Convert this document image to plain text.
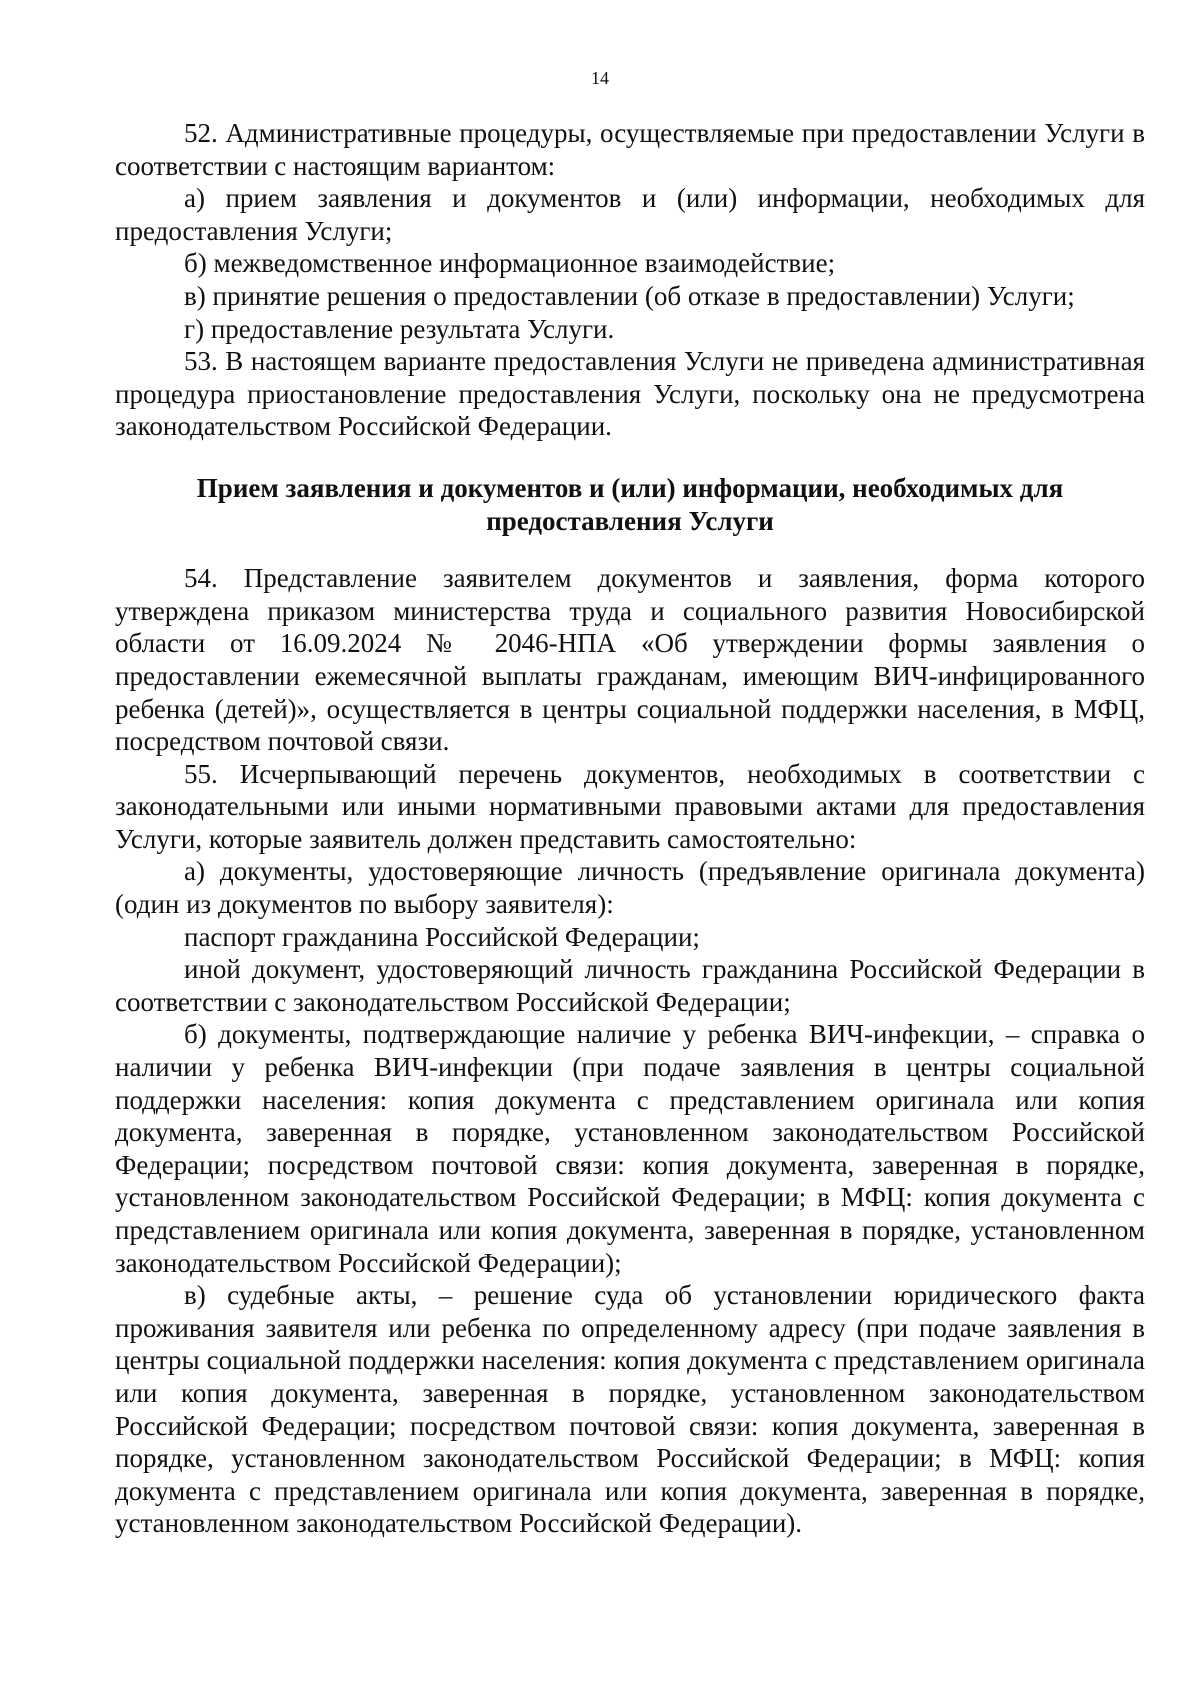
14

52. Административные процедуры, осуществляемые при предоставлении Услуги в соответствии с настоящим вариантом:

а) прием заявления и документов и (или) информации, необходимых для предоставления Услуги;

б) межведомственное информационное взаимодействие;

в) принятие решения о предоставлении (об отказе в предоставлении) Услуги;

г) предоставление результата Услуги.

53. В настоящем варианте предоставления Услуги не приведена административная процедура приостановление предоставления Услуги, поскольку она не предусмотрена законодательством Российской Федерации.

Прием заявления и документов и (или) информации, необходимых для
предоставления Услуги

54. Представление заявителем документов и заявления, форма которого утверждена приказом министерства труда и социального развития Новосибирской области от 16.09.2024 № 2046-НПА «Об утверждении формы заявления о предоставлении ежемесячной выплаты гражданам, имеющим ВИЧ-инфицированного ребенка (детей)», осуществляется в центры социальной поддержки населения, в МФЦ, посредством почтовой связи.

55. Исчерпывающий перечень документов, необходимых в соответствии с законодательными или иными нормативными правовыми актами для предоставления Услуги, которые заявитель должен представить самостоятельно:

а) документы, удостоверяющие личность (предъявление оригинала документа) (один из документов по выбору заявителя):

паспорт гражданина Российской Федерации;

иной документ, удостоверяющий личность гражданина Российской Федерации в соответствии с законодательством Российской Федерации;

б) документы, подтверждающие наличие у ребенка ВИЧ-инфекции, – справка о наличии у ребенка ВИЧ-инфекции (при подаче заявления в центры социальной поддержки населения: копия документа с представлением оригинала или копия документа, заверенная в порядке, установленном законодательством Российской Федерации; посредством почтовой связи: копия документа, заверенная в порядке, установленном законодательством Российской Федерации; в МФЦ: копия документа с представлением оригинала или копия документа, заверенная в порядке, установленном законодательством Российской Федерации);

в) судебные акты, – решение суда об установлении юридического факта проживания заявителя или ребенка по определенному адресу (при подаче заявления в центры социальной поддержки населения: копия документа с представлением оригинала или копия документа, заверенная в порядке, установленном законодательством Российской Федерации; посредством почтовой связи: копия документа, заверенная в порядке, установленном законодательством Российской Федерации; в МФЦ: копия документа с представлением оригинала или копия документа, заверенная в порядке, установленном законодательством Российской Федерации).
